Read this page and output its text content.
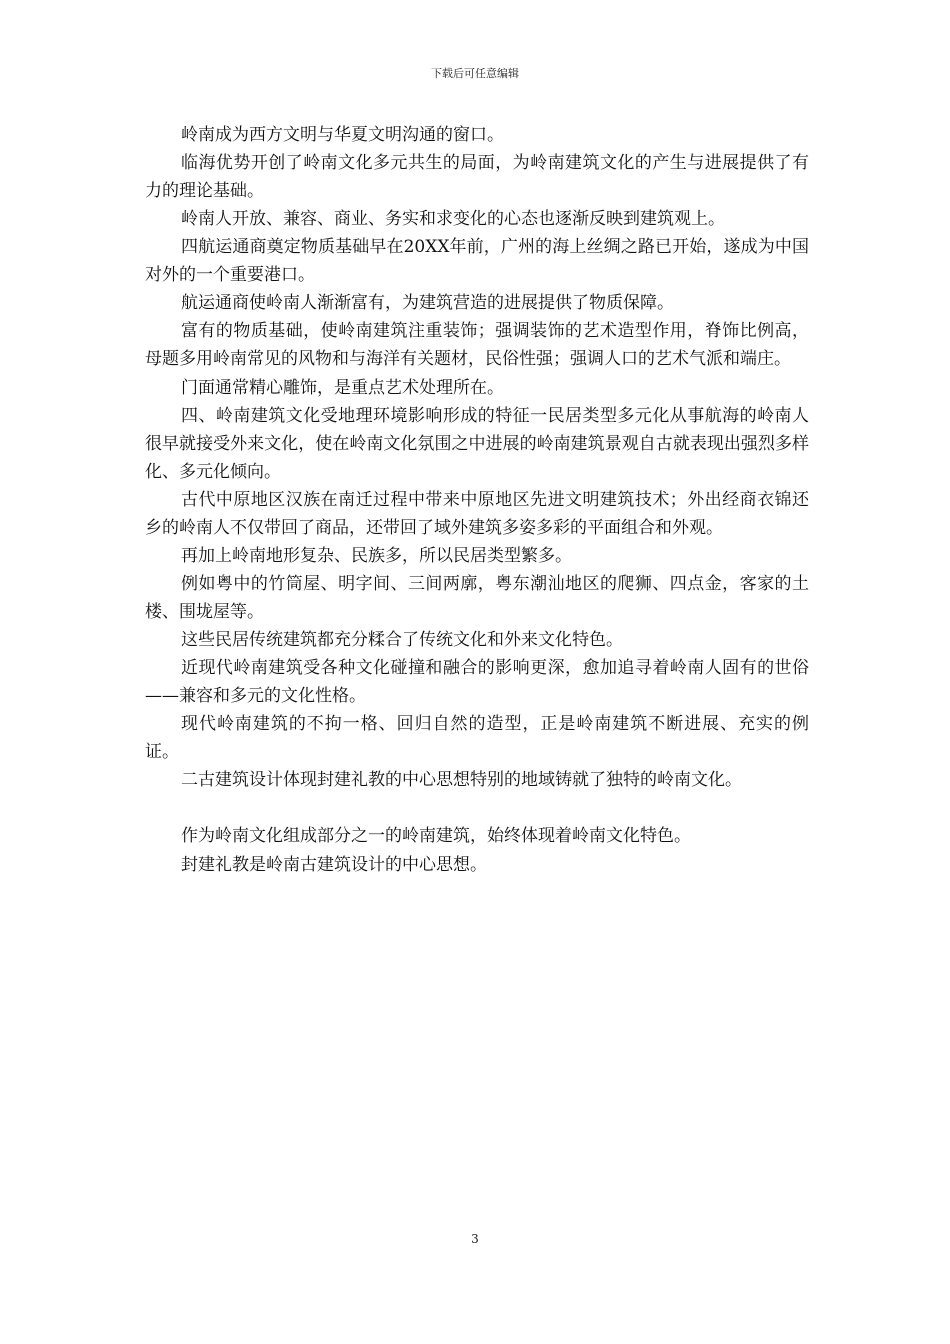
下载后可任意编辑

岭南成为西方文明与华夏文明沟通的窗口。

临海优势开创了岭南文化多元共生的局面，为岭南建筑文化的产生与进展提供了有力的理论基础。

岭南人开放、兼容、商业、务实和求变化的心态也逐渐反映到建筑观上。

四航运通商奠定物质基础早在20XX年前，广州的海上丝绸之路已开始，遂成为中国对外的一个重要港口。

航运通商使岭南人渐渐富有，为建筑营造的进展提供了物质保障。

富有的物质基础，使岭南建筑注重装饰；强调装饰的艺术造型作用，脊饰比例高，母题多用岭南常见的风物和与海洋有关题材，民俗性强；强调人口的艺术气派和端庄。

门面通常精心雕饰，是重点艺术处理所在。

四、岭南建筑文化受地理环境影响形成的特征一民居类型多元化从事航海的岭南人很早就接受外来文化，使在岭南文化氛围之中进展的岭南建筑景观自古就表现出强烈多样化、多元化倾向。

古代中原地区汉族在南迁过程中带来中原地区先进文明建筑技术；外出经商衣锦还乡的岭南人不仅带回了商品，还带回了域外建筑多姿多彩的平面组合和外观。

再加上岭南地形复杂、民族多，所以民居类型繁多。

例如粤中的竹筒屋、明字间、三间两廓，粤东潮汕地区的爬狮、四点金，客家的土楼、围垅屋等。

这些民居传统建筑都充分糅合了传统文化和外来文化特色。

近现代岭南建筑受各种文化碰撞和融合的影响更深，愈加追寻着岭南人固有的世俗——兼容和多元的文化性格。

现代岭南建筑的不拘一格、回归自然的造型，正是岭南建筑不断进展、充实的例证。

二古建筑设计体现封建礼教的中心思想特别的地域铸就了独特的岭南文化。

作为岭南文化组成部分之一的岭南建筑，始终体现着岭南文化特色。

封建礼教是岭南古建筑设计的中心思想。

3
